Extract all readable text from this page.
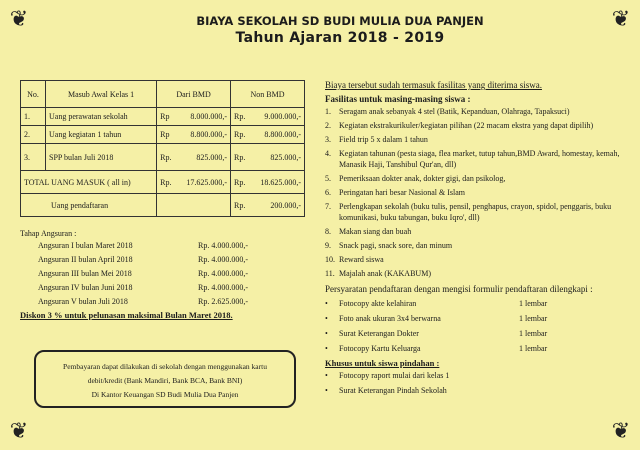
❦	❦
❦	❦
BIAYA SEKOLAH SD BUDI MULIA DUA PANJEN
Tahun Ajaran 2018 - 2019
No.	Masub Awal Kelas 1	Dari BMD	Non BMD
1.	Uang perawatan sekolah	Rp 8.000.000,-	Rp. 9.000.000,-

2.	Uang kegiatan 1 tahun	Rp 8.800.000,-	Rp. 8.800.000,-

3.	SPP bulan Juli 2018	Rp. 825.000,-	Rp. 825.000,-

TOTAL UANG MASUK ( all in)		Rp. 17.625.000,-	Rp. 18.625.000,-

Uang pendaftaran			Rp. 200.000,-
Tahap Angsuran :
Angsuran I bulan Maret 2018	Rp. 4.000.000,-
Angsuran II bulan April 2018	Rp. 4.000.000,-
Angsuran III bulan Mei 2018	Rp. 4.000.000,-
Angsuran IV bulan Juni 2018	Rp. 4.000.000,-
Angsuran V bulan Juli 2018	Rp. 2.625.000,-
Diskon 3 % untuk pelunasan maksimal Bulan Maret 2018.
Pembayaran dapat dilakukan di sekolah dengan menggunakan kartu
debit/kredit (Bank Mandiri, Bank BCA, Bank BNI)
Di Kantor Keuangan SD Budi Mulia Dua Panjen
Biaya tersebut sudah termasuk fasilitas yang diterima siswa.
Fasilitas untuk masing-masing siswa :
1.	Seragam anak sebanyak 4 stel (Batik, Kepanduan, Olahraga, Tapaksuci)
2.	Kegiatan ekstrakurikuler/kegiatan pilihan (22 macam ekstra yang dapat dipilih)
3.	Field trip 5 x dalam 1 tahun
4.	Kegiatan tahunan (pesta siaga, flea market, tutup tahun,BMD Award, homestay, kemah, Manasik Haji, Tanshibul Qur'an, dll)
5.	Pemeriksaan dokter anak, dokter gigi, dan psikolog,
6.	Peringatan hari besar Nasional & Islam
7.	Perlengkapan sekolah (buku tulis, pensil, penghapus, crayon, spidol, penggaris, buku komunikasi, buku tabungan, buku Iqro', dll)
8.	Makan siang dan buah
9.	Snack pagi, snack sore, dan minum
10. Reward siswa
11. Majalah anak (KAKABUM)
Persyaratan pendaftaran dengan mengisi formulir pendaftaran dilengkapi :
•	Fotocopy akte kelahiran	1 lembar
•	Foto anak ukuran 3x4 berwarna	1 lembar
•	Surat Keterangan Dokter	1 lembar
•	Fotocopy Kartu Keluarga	1 lembar
Khusus untuk siswa pindahan :
•	Fotocopy raport mulai dari kelas 1
•	Surat Keterangan Pindah Sekolah
